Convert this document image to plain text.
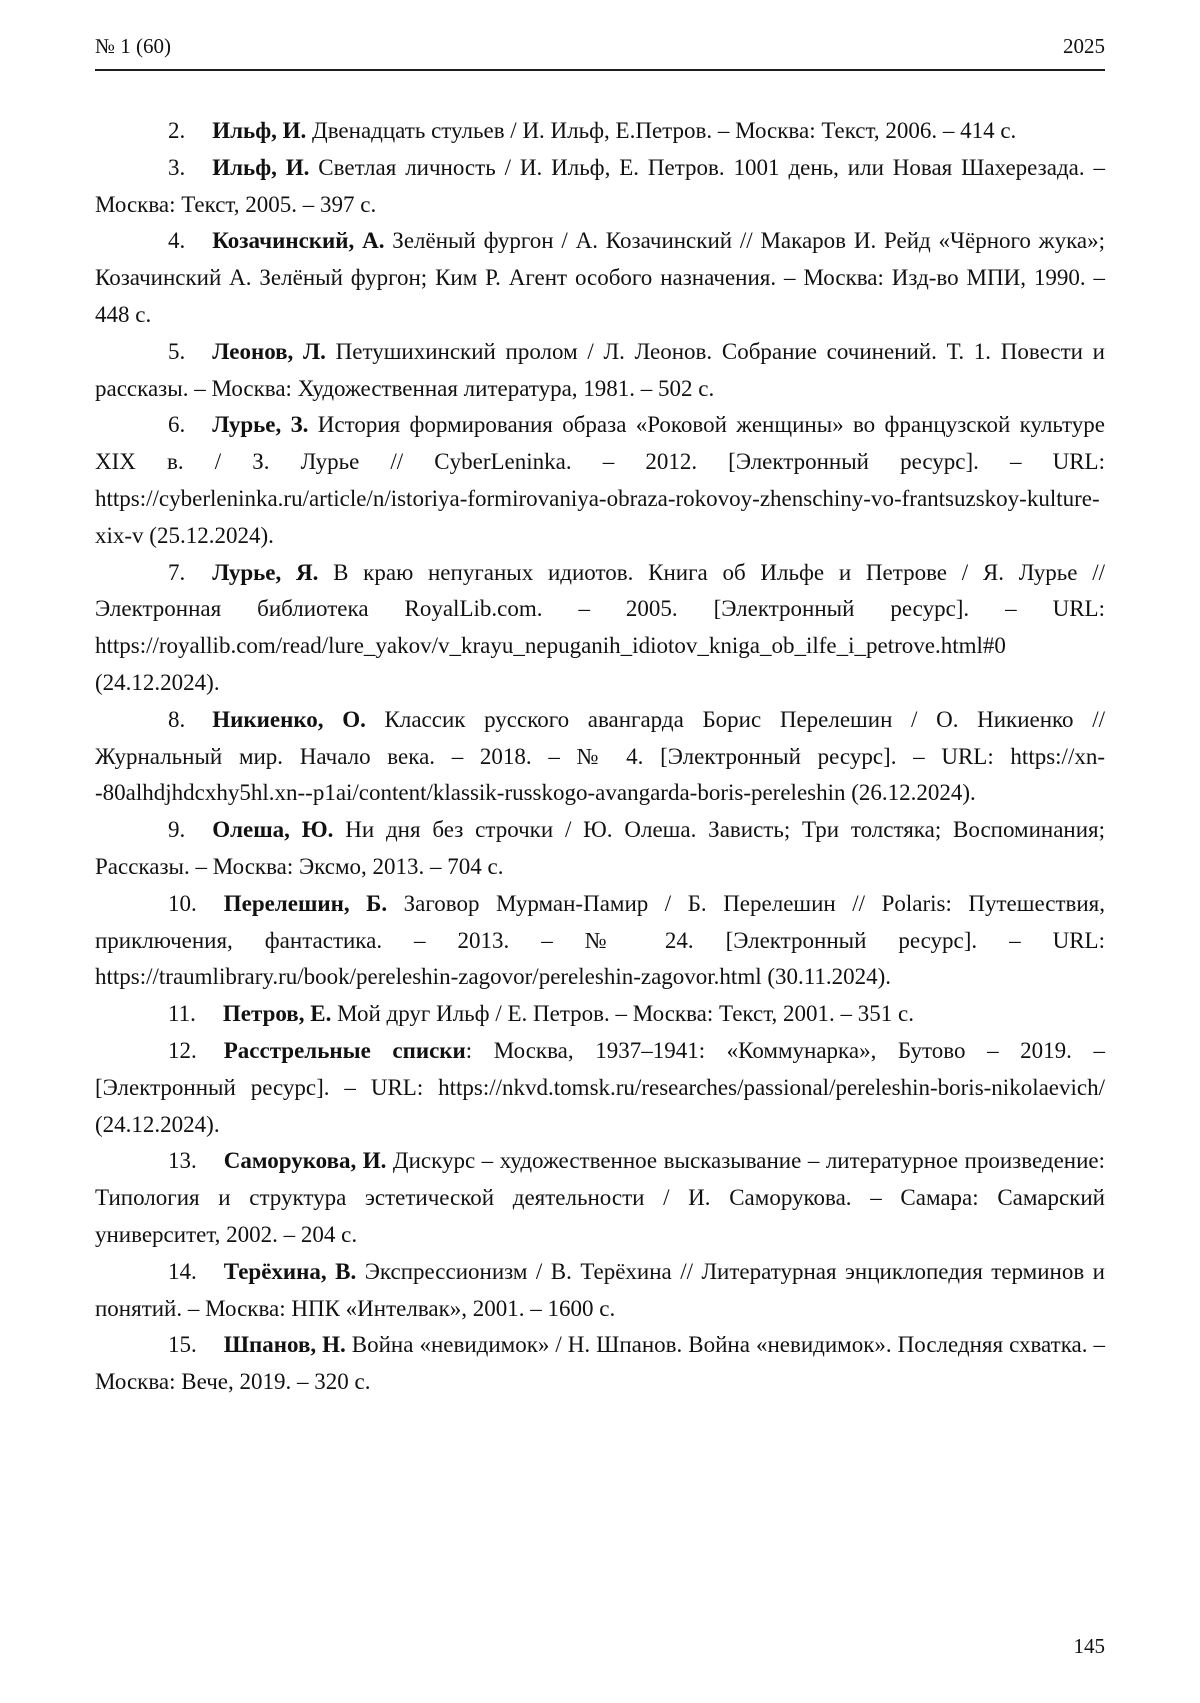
№ 1 (60)	2025

2. Ильф, И. Двенадцать стульев / И. Ильф, Е.Петров. – Москва: Текст, 2006. – 414 с.

3. Ильф, И. Светлая личность / И. Ильф, Е. Петров. 1001 день, или Новая Шахерезада. – Москва: Текст, 2005. – 397 с.

4. Козачинский, А. Зелёный фургон / А. Козачинский // Макаров И. Рейд «Чёрного жука»; Козачинский А. Зелёный фургон; Ким Р. Агент особого назначения. – Москва: Изд-во МПИ, 1990. – 448 с.

5. Леонов, Л. Петушихинский пролом / Л. Леонов. Собрание сочинений. Т. 1. Повести и рассказы. – Москва: Художественная литература, 1981. – 502 с.

6. Лурье, З. История формирования образа «Роковой женщины» во французской культуре XIX в. / З. Лурье // CyberLeninka. – 2012. [Электронный ресурс]. – URL: https://cyberleninka.ru/article/n/istoriya-formirovaniya-obraza-rokovoy-zhenschiny-vo-frantsuzskoy-kulture-xix-v (25.12.2024).

7. Лурье, Я. В краю непуганых идиотов. Книга об Ильфе и Петрове / Я. Лурье // Электронная библиотека RoyalLib.com. – 2005. [Электронный ресурс]. – URL: https://royallib.com/read/lure_yakov/v_krayu_nepuganih_idiotov_kniga_ob_ilfe_i_petrove.html#0 (24.12.2024).

8. Никиенко, О. Классик русского авангарда Борис Перелешин / О. Никиенко // Журнальный мир. Начало века. – 2018. – № 4. [Электронный ресурс]. – URL: https://xn--80alhdjhdcxhy5hl.xn--p1ai/content/klassik-russkogo-avangarda-boris-pereleshin (26.12.2024).

9. Олеша, Ю. Ни дня без строчки / Ю. Олеша. Зависть; Три толстяка; Воспоминания; Рассказы. – Москва: Эксмо, 2013. – 704 с.

10. Перелешин, Б. Заговор Мурман-Памир / Б. Перелешин // Polaris: Путешествия, приключения, фантастика. – 2013. – № 24. [Электронный ресурс]. – URL: https://traumlibrary.ru/book/pereleshin-zagovor/pereleshin-zagovor.html (30.11.2024).

11. Петров, Е. Мой друг Ильф / Е. Петров. – Москва: Текст, 2001. – 351 с.

12. Расстрельные списки: Москва, 1937–1941: «Коммунарка», Бутово – 2019. – [Электронный ресурс]. – URL: https://nkvd.tomsk.ru/researches/passional/pereleshin-boris-nikolaevich/ (24.12.2024).

13. Саморукова, И. Дискурс – художественное высказывание – литературное произведение: Типология и структура эстетической деятельности / И. Саморукова. – Самара: Самарский университет, 2002. – 204 с.

14. Терёхина, В. Экспрессионизм / В. Терёхина // Литературная энциклопедия терминов и понятий. – Москва: НПК «Интелвак», 2001. – 1600 с.

15. Шпанов, Н. Война «невидимок» / Н. Шпанов. Война «невидимок». Последняя схватка. – Москва: Вече, 2019. – 320 с.

145
